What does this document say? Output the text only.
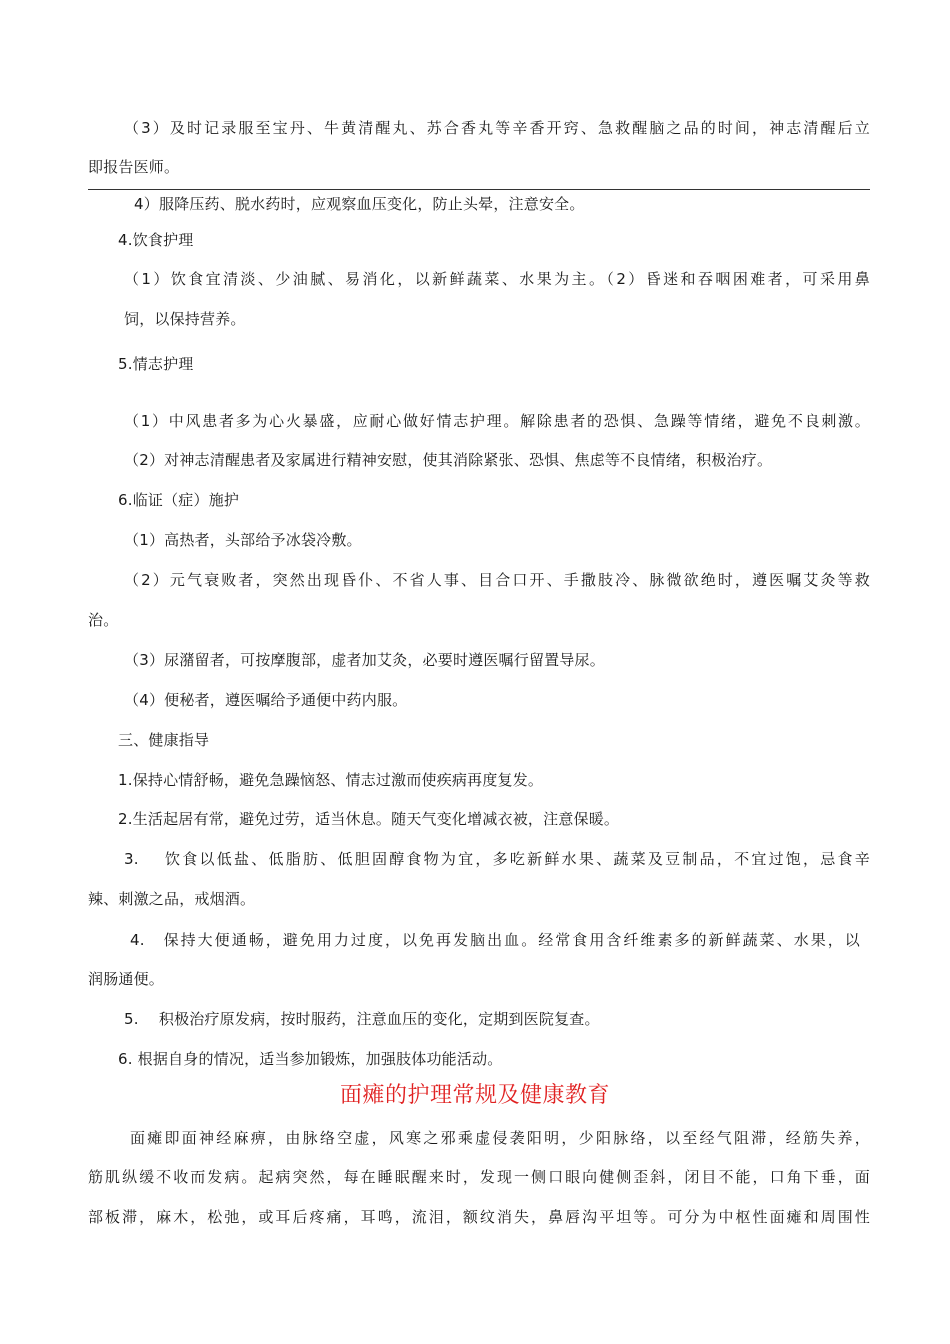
（3）及时记录服至宝丹、牛黄清醒丸、苏合香丸等辛香开窍、急救醒脑之品的时间，神志清醒后立
即报告医师。
4）服降压药、脱水药时，应观察血压变化，防止头晕，注意安全。
4.饮食护理
（1）饮食宜清淡、少油腻、易消化，以新鲜蔬菜、水果为主。（2）昏迷和吞咽困难者，可采用鼻
饲，以保持营养。
5.情志护理
（1）中风患者多为心火暴盛，应耐心做好情志护理。解除患者的恐惧、急躁等情绪，避免不良刺激。
（2）对神志清醒患者及家属进行精神安慰，使其消除紧张、恐惧、焦虑等不良情绪，积极治疗。
6.临证（症）施护
（1）高热者，头部给予冰袋冷敷。
（2）元气衰败者，突然出现昏仆、不省人事、目合口开、手撒肢冷、脉微欲绝时，遵医嘱艾灸等救
治。
（3）尿潴留者，可按摩腹部，虚者加艾灸，必要时遵医嘱行留置导尿。
（4）便秘者，遵医嘱给予通便中药内服。
三、健康指导
1.保持心情舒畅，避免急躁恼怒、情志过激而使疾病再度复发。
2.生活起居有常，避免过劳，适当休息。随天气变化增减衣被，注意保暖。
3.　 饮食以低盐、低脂肪、低胆固醇食物为宜，多吃新鲜水果、蔬菜及豆制品，不宜过饱，忌食辛
辣、刺激之品，戒烟酒。
4.　保持大便通畅，避免用力过度，以免再发脑出血。经常食用含纤维素多的新鲜蔬菜、水果，以
润肠通便。
5.　 积极治疗原发病，按时服药，注意血压的变化，定期到医院复查。
6. 根据自身的情况，适当参加锻炼，加强肢体功能活动。
面瘫的护理常规及健康教育
面瘫即面神经麻痹，由脉络空虚，风寒之邪乘虚侵袭阳明，少阳脉络，以至经气阻滞，经筋失养，
筋肌纵缓不收而发病。起病突然，每在睡眠醒来时，发现一侧口眼向健侧歪斜，闭目不能，口角下垂，面
部板滞，麻木，松弛，或耳后疼痛，耳鸣，流泪，额纹消失，鼻唇沟平坦等。可分为中枢性面瘫和周围性
